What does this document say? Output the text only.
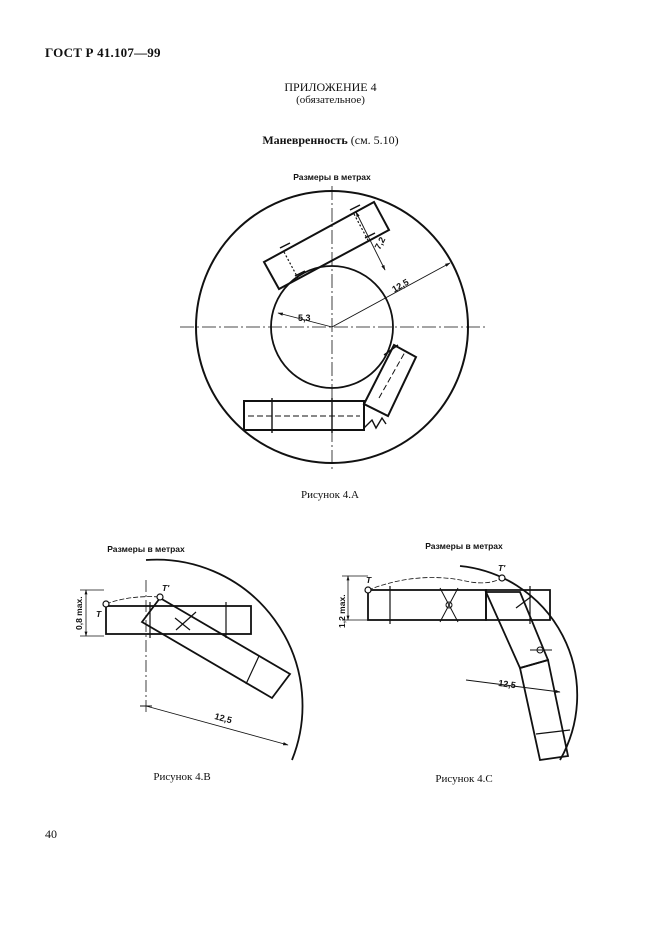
ГОСТ Р 41.107—99
ПРИЛОЖЕНИЕ 4
(обязательное)
Маневренность (см. 5.10)
Размеры в метрах
5,3
12,5
7,2
Рисунок 4.А
Размеры в метрах
12,5
0,8 max. T
T'
Рисунок 4.В
Размеры в метрах
1,2 max.
12,5
T
T'
Рисунок 4.С
40
